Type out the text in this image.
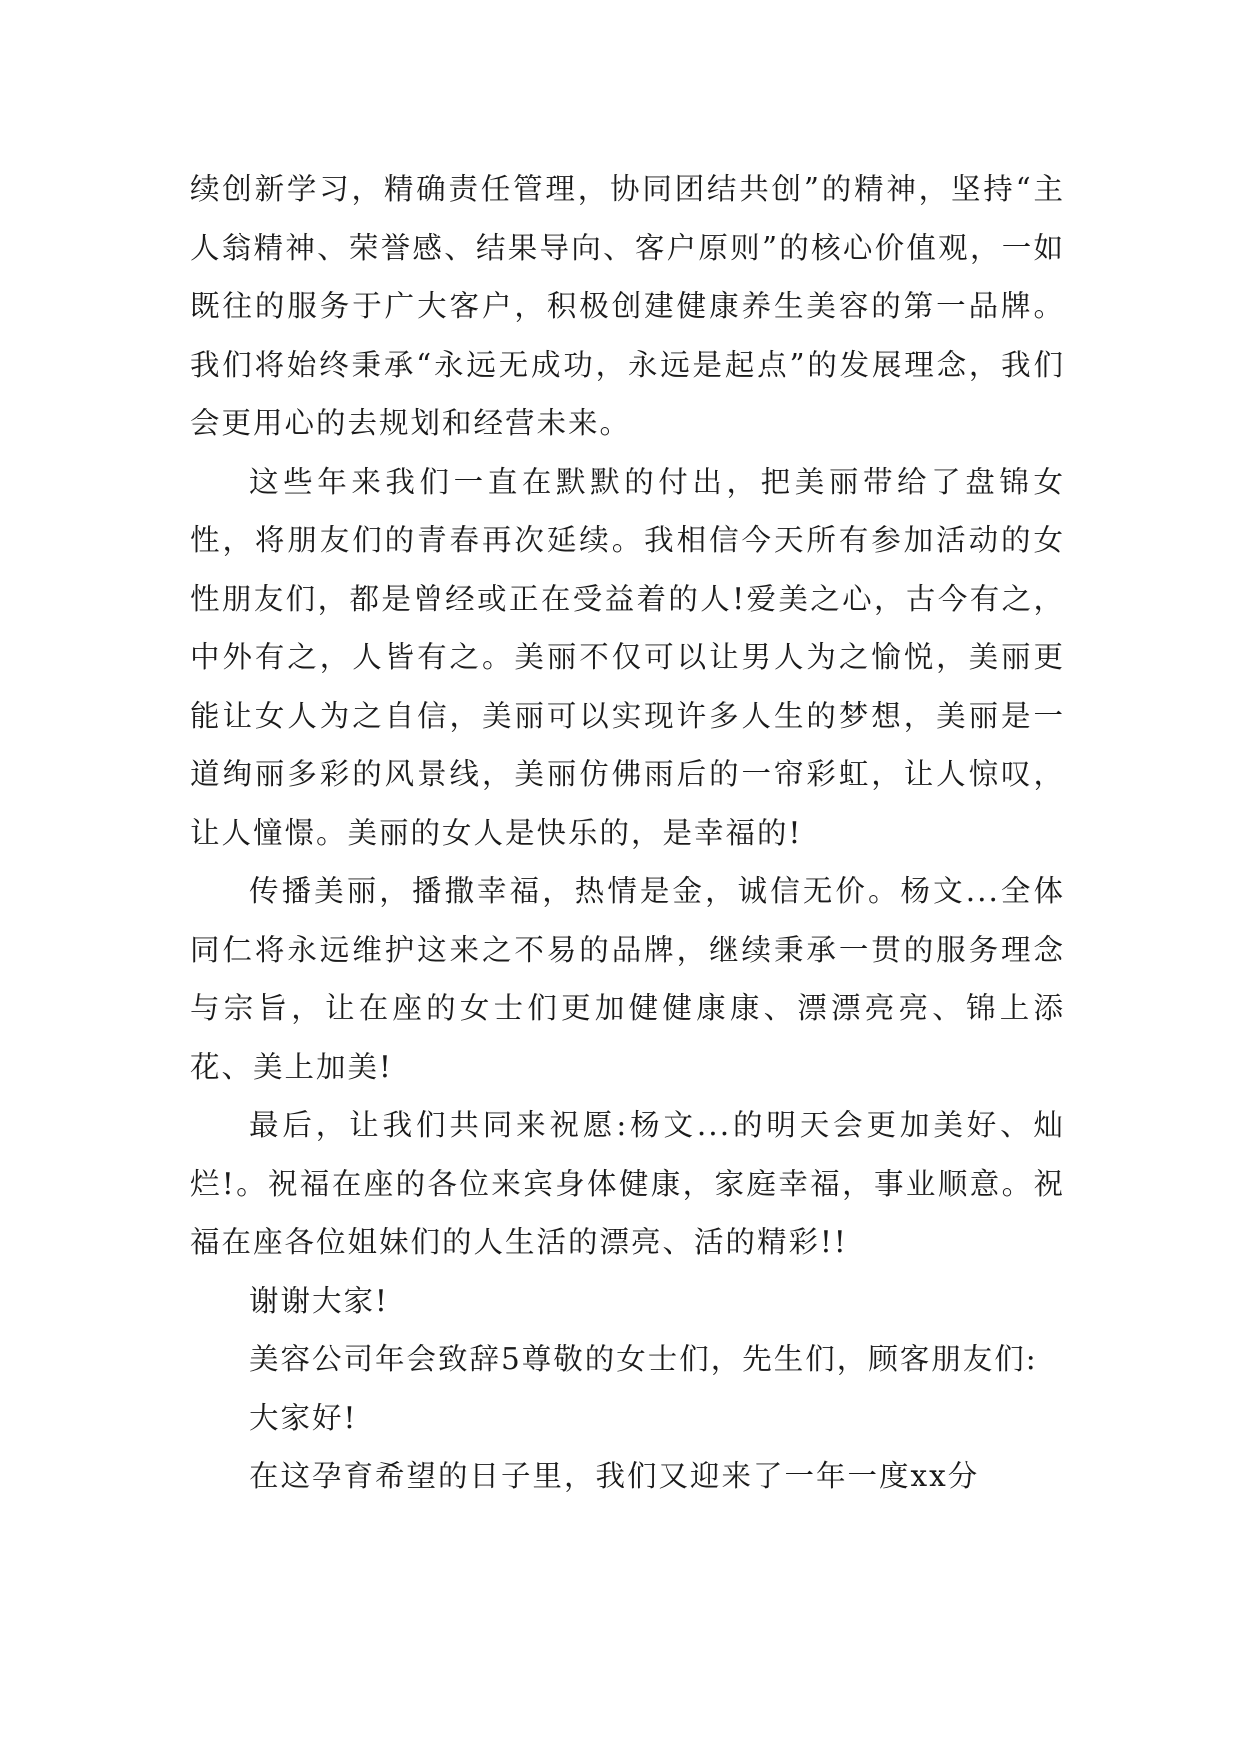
续创新学习，精确责任管理，协同团结共创”的精神，坚持“主人翁精神、荣誉感、结果导向、客户原则”的核心价值观，一如既往的服务于广大客户，积极创建健康养生美容的第一品牌。我们将始终秉承“永远无成功，永远是起点”的发展理念，我们会更用心的去规划和经营未来。

这些年来我们一直在默默的付出，把美丽带给了盘锦女性，将朋友们的青春再次延续。我相信今天所有参加活动的女性朋友们，都是曾经或正在受益着的人!爱美之心，古今有之，中外有之，人皆有之。美丽不仅可以让男人为之愉悦，美丽更能让女人为之自信，美丽可以实现许多人生的梦想，美丽是一道绚丽多彩的风景线，美丽仿佛雨后的一帘彩虹，让人惊叹，让人憧憬。美丽的女人是快乐的，是幸福的!

传播美丽，播撒幸福，热情是金，诚信无价。杨文...全体同仁将永远维护这来之不易的品牌，继续秉承一贯的服务理念与宗旨，让在座的女士们更加健健康康、漂漂亮亮、锦上添花、美上加美!

最后，让我们共同来祝愿:杨文...的明天会更加美好、灿烂!。祝福在座的各位来宾身体健康，家庭幸福，事业顺意。祝福在座各位姐妹们的人生活的漂亮、活的精彩!!

谢谢大家!

美容公司年会致辞5尊敬的女士们，先生们，顾客朋友们:

大家好!

在这孕育希望的日子里，我们又迎来了一年一度xx分
